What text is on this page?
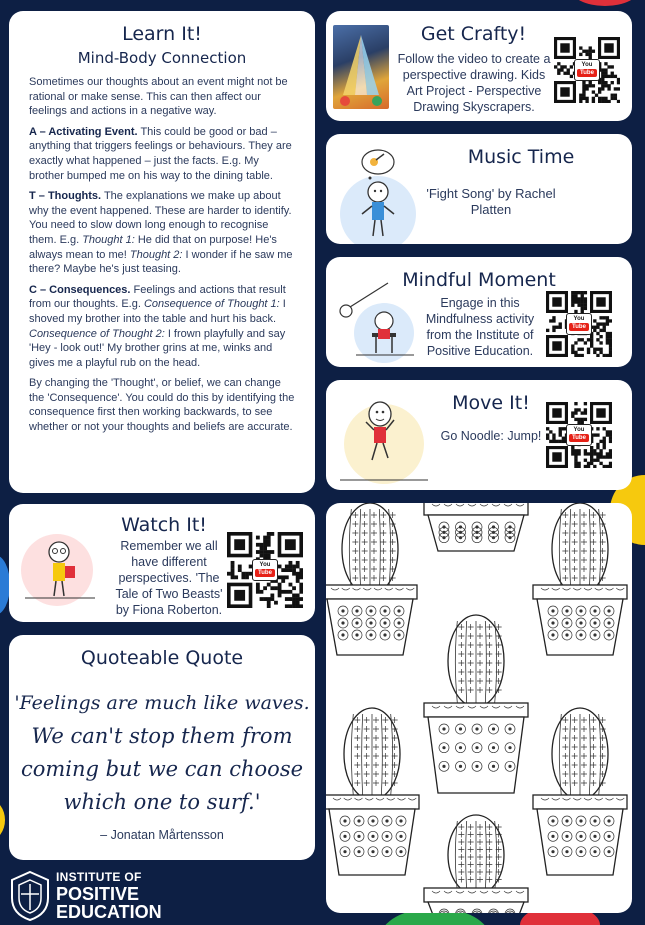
Learn It!
Mind-Body Connection

Sometimes our thoughts about an event might not be rational or make sense. This can then affect our feelings and actions in a negative way.

A – Activating Event. This could be good or bad – anything that triggers feelings or behaviours. They are exactly what happened – just the facts. E.g. My brother bumped me on his way to the dining table.

T – Thoughts. The explanations we make up about why the event happened. These are harder to identify. You need to slow down long enough to recognise them. E.g. Thought 1: He did that on purpose! He's always mean to me! Thought 2: I wonder if he saw me there? Maybe he's just teasing.

C – Consequences. Feelings and actions that result from our thoughts. E.g. Consequence of Thought 1: I shoved my brother into the table and hurt his back. Consequence of Thought 2: I frown playfully and say 'Hey - look out!' My brother grins at me, winks and gives me a playful rub on the head.

By changing the 'Thought', or belief, we can change the 'Consequence'. You could do this by identifying the consequence first then working backwards, to see whether or not your thoughts and beliefs are accurate.

Get Crafty!
Follow the video to create a perspective drawing. Kids Art Project - Perspective Drawing Skyscrapers.
You
Tube
Music Time
'Fight Song' by Rachel Platten
Mindful Moment
Engage in this Mindfulness activity from the Institute of Positive Education.
You
Tube
Move It!
Go Noodle: Jump!	You
Tube
Watch It!
Remember we all have different perspectives. 'The Tale of Two Beasts' by Fiona Roberton.
You
Tube
Quoteable Quote
'Feelings are much like waves.
We can't stop them from
coming but we can choose
which one to surf.'
– Jonatan Mårtensson
INSTITUTE OF
POSITIVE
EDUCATION
